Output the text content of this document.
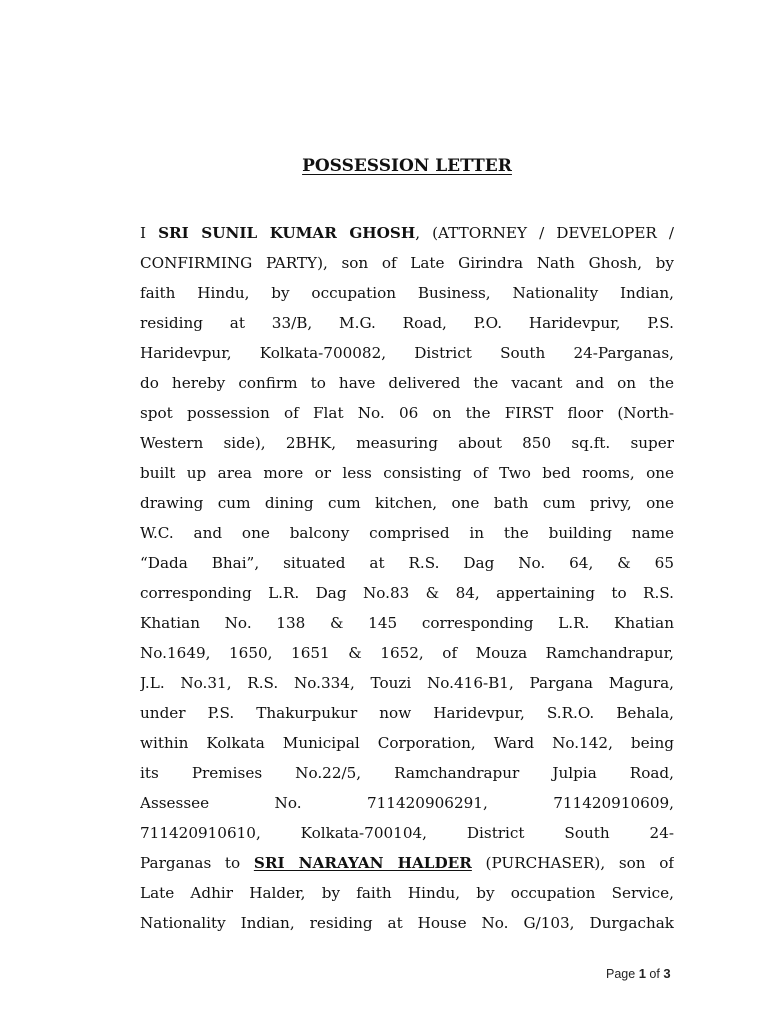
POSSESSION LETTER
I SRI SUNIL KUMAR GHOSH, (ATTORNEY / DEVELOPER /
CONFIRMING PARTY), son of Late Girindra Nath Ghosh, by
faith Hindu, by occupation Business, Nationality Indian,
residing at 33/B, M.G. Road, P.O. Haridevpur, P.S.
Haridevpur, Kolkata-700082, District South 24-Parganas,
do hereby confirm to have delivered the vacant and on the
spot possession of Flat No. 06 on the FIRST floor (North-
Western side), 2BHK, measuring about 850 sq.ft. super
built up area more or less consisting of Two bed rooms, one
drawing cum dining cum kitchen, one bath cum privy, one
W.C. and one balcony comprised in the building name
“Dada Bhai”, situated at R.S. Dag No. 64, & 65
corresponding L.R. Dag No.83 & 84, appertaining to R.S.
Khatian No. 138 & 145 corresponding L.R. Khatian
No.1649, 1650, 1651 & 1652, of Mouza Ramchandrapur,
J.L. No.31, R.S. No.334, Touzi No.416-B1, Pargana Magura,
under P.S. Thakurpukur now Haridevpur, S.R.O. Behala,
within Kolkata Municipal Corporation, Ward No.142, being
its Premises No.22/5, Ramchandrapur Julpia Road,
Assessee No. 711420906291, 711420910609,
711420910610, Kolkata-700104, District South 24-
Parganas to SRI NARAYAN HALDER (PURCHASER), son of
Late Adhir Halder, by faith Hindu, by occupation Service,
Nationality Indian, residing at House No. G/103, Durgachak
Page 1 of 3
